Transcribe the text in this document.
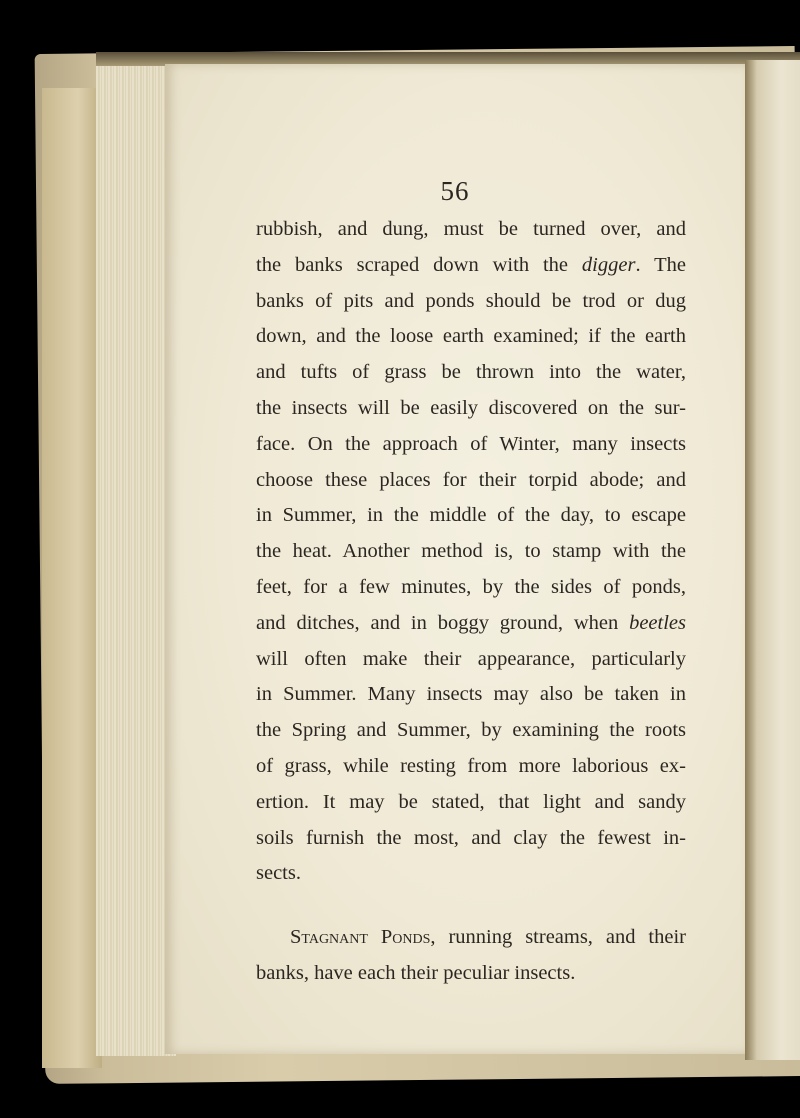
56
rubbish, and dung, must be turned over, and
the banks scraped down with the digger. The
banks of pits and ponds should be trod or dug
down, and the loose earth examined; if the earth
and tufts of grass be thrown into the water,
the insects will be easily discovered on the sur-
face. On the approach of Winter, many insects
choose these places for their torpid abode; and
in Summer, in the middle of the day, to escape
the heat. Another method is, to stamp with the
feet, for a few minutes, by the sides of ponds,
and ditches, and in boggy ground, when beetles
will often make their appearance, particularly
in Summer. Many insects may also be taken in
the Spring and Summer, by examining the roots
of grass, while resting from more laborious ex-
ertion. It may be stated, that light and sandy
soils furnish the most, and clay the fewest in-
sects.
Stagnant Ponds, running streams, and their
banks, have each their peculiar insects.
